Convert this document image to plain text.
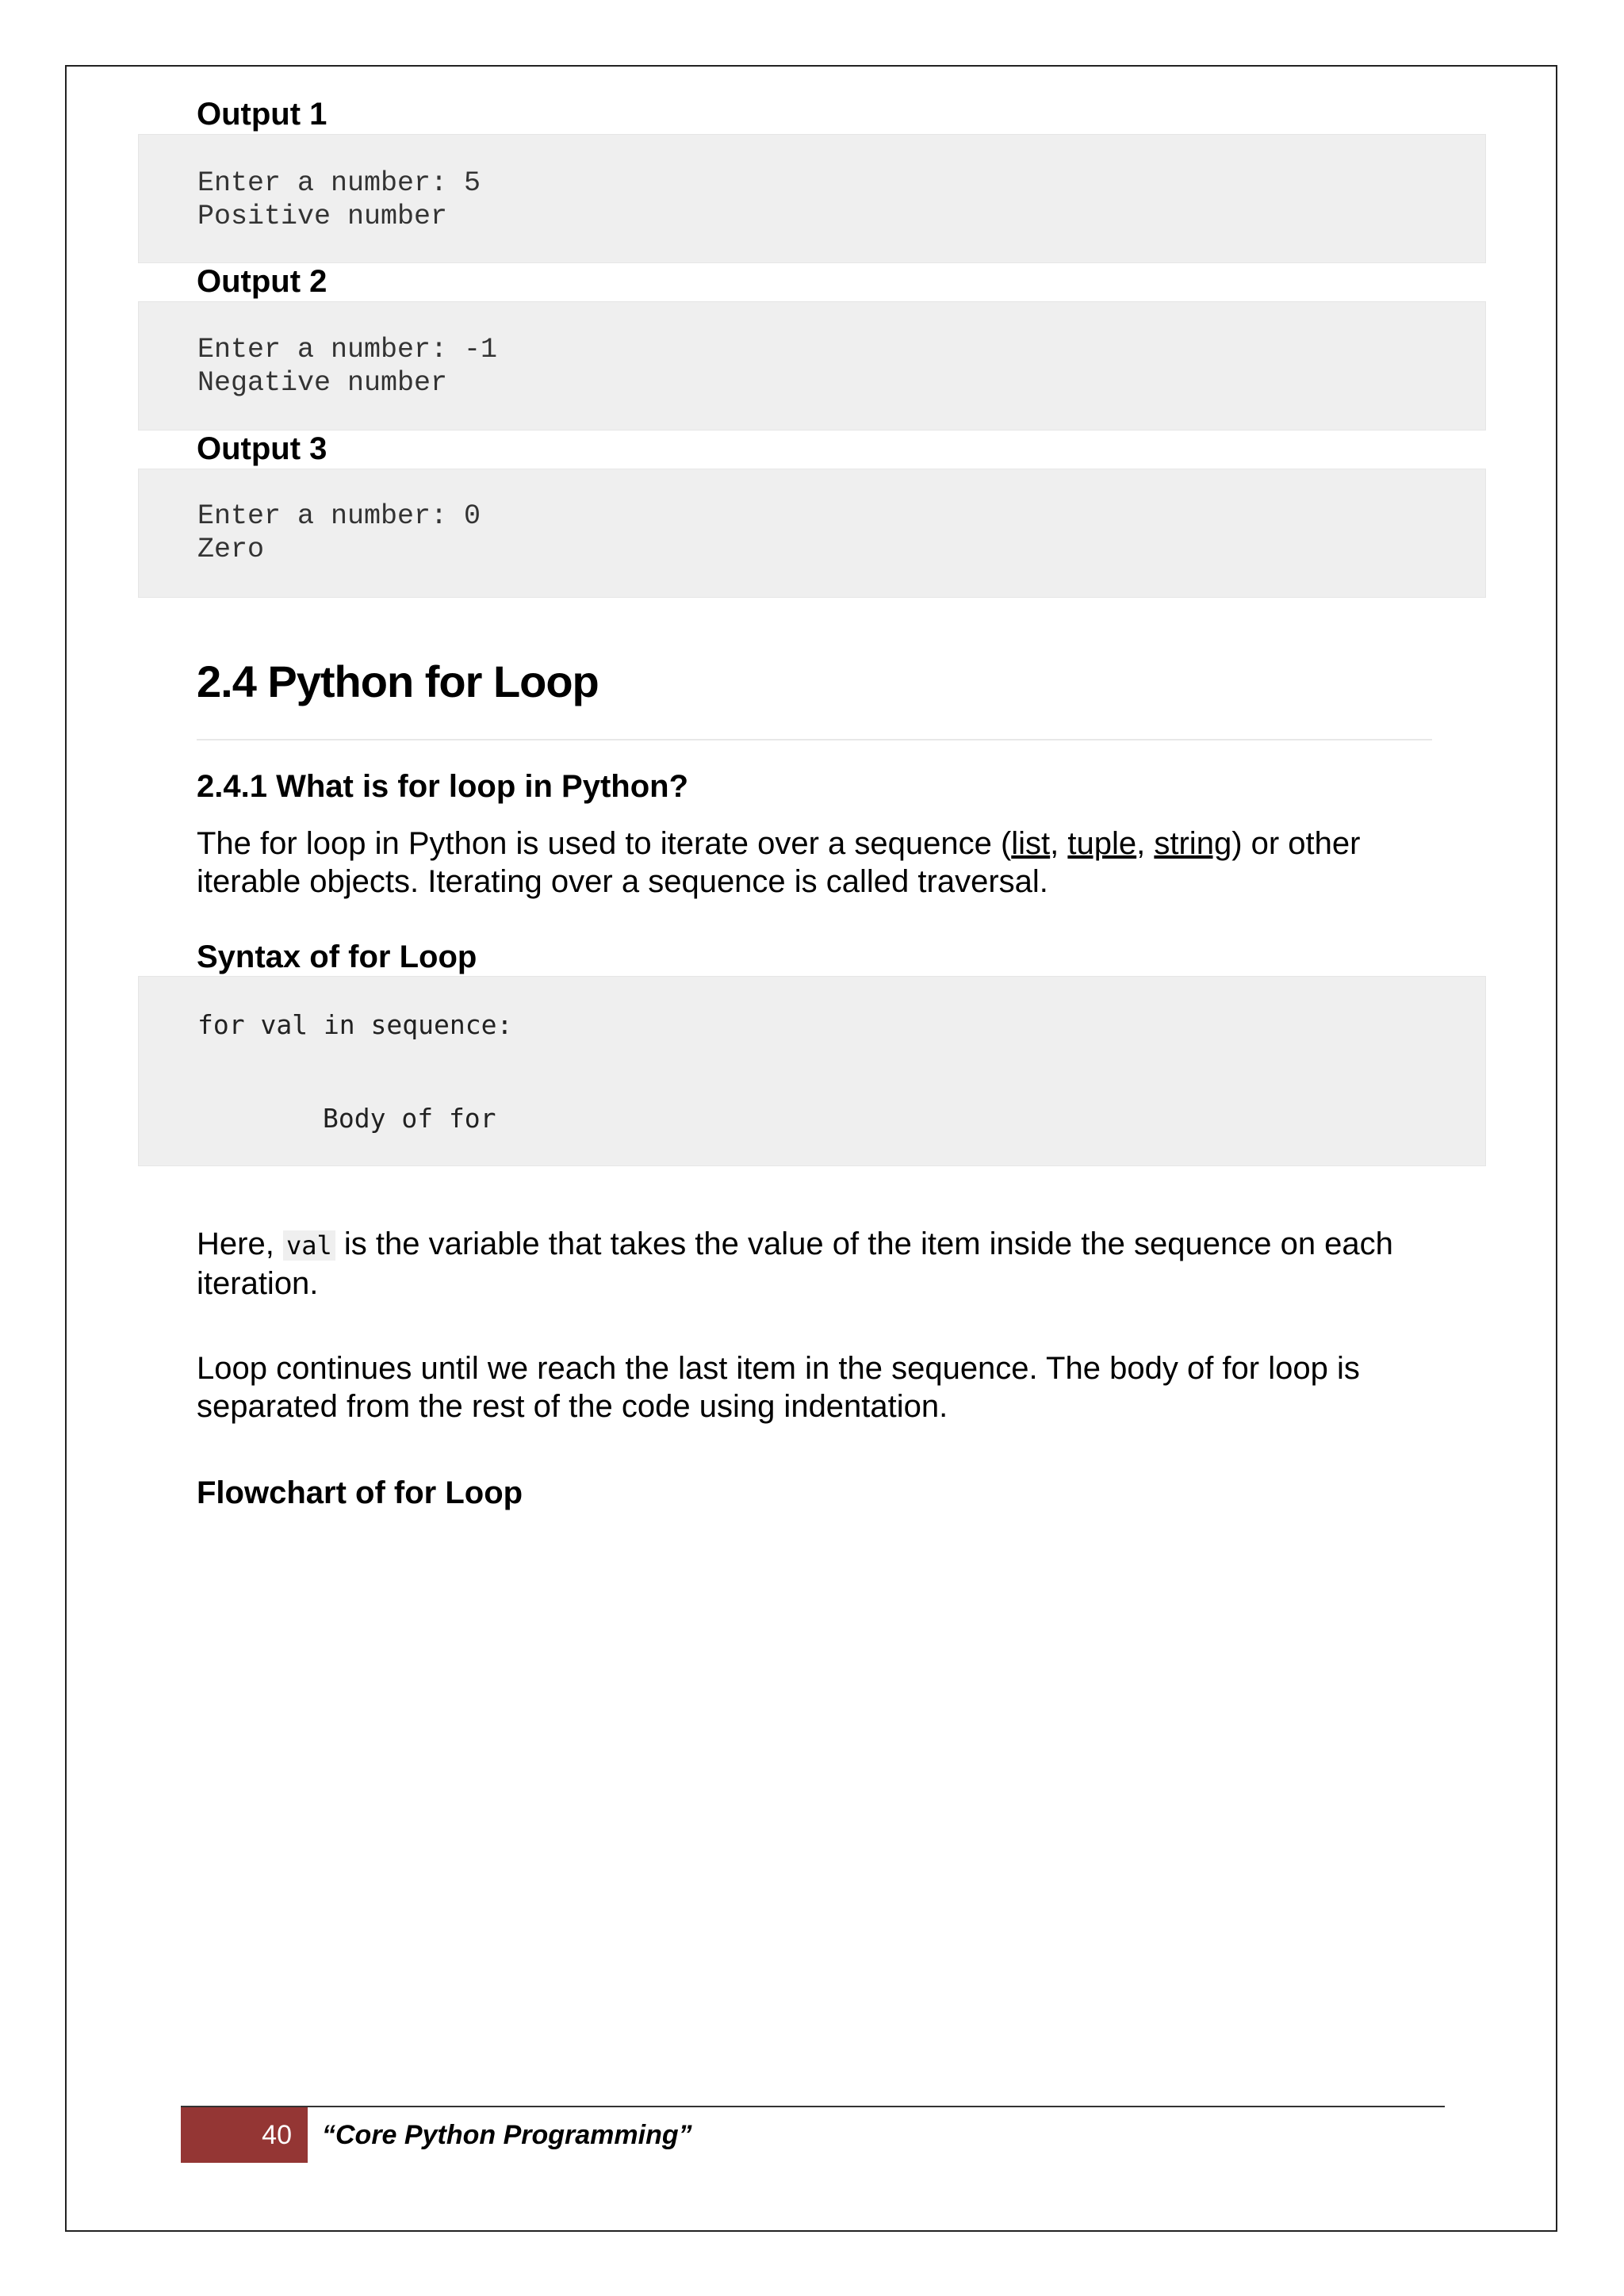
Output 1
Enter a number: 5
Positive number
Output 2
Enter a number: -1
Negative number
Output 3
Enter a number: 0
Zero
2.4 Python for Loop
2.4.1 What is for loop in Python?
The for loop in Python is used to iterate over a sequence (list, tuple, string) or other iterable objects. Iterating over a sequence is called traversal.
Syntax of for Loop
for val in sequence:
Body of for
Here, val is the variable that takes the value of the item inside the sequence on each iteration.
Loop continues until we reach the last item in the sequence. The body of for loop is separated from the rest of the code using indentation.
Flowchart of for Loop
40	“Core Python Programming”
